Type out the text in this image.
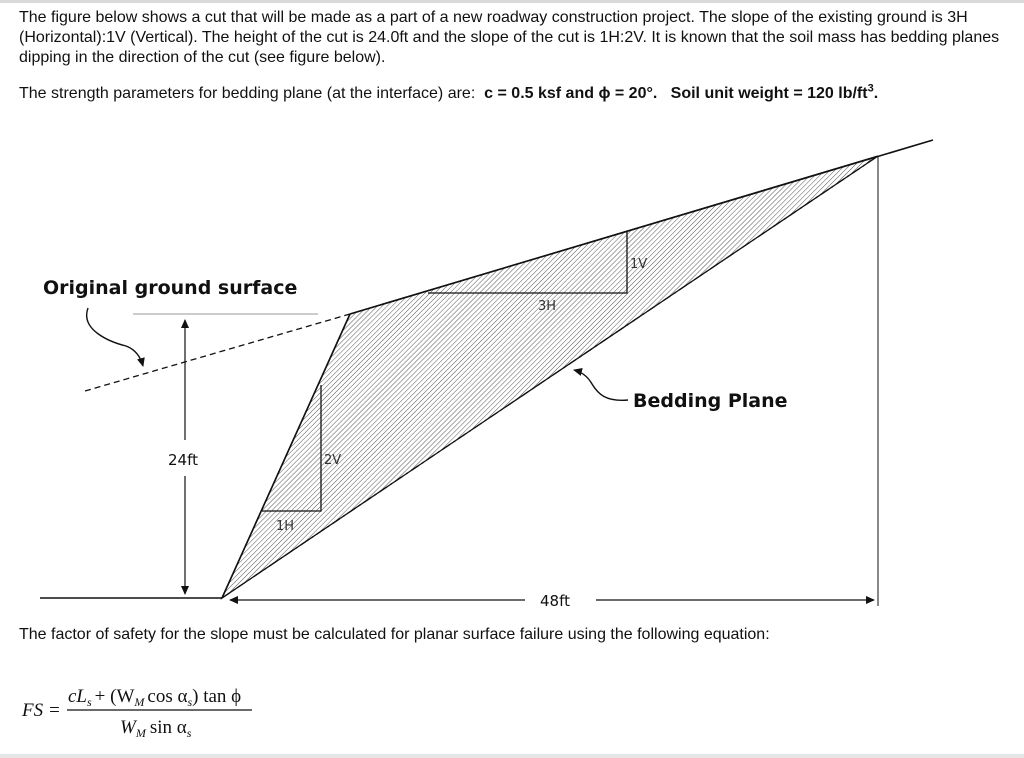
The figure below shows a cut that will be made as a part of a new roadway construction project. The slope of the existing ground is 3H (Horizontal):1V (Vertical). The height of the cut is 24.0ft and the slope of the cut is 1H:2V. It is known that the soil mass has bedding planes dipping in the direction of the cut (see figure below).

The strength parameters for bedding plane (at the interface) are: c = 0.5 ksf and ϕ = 20°. Soil unit weight = 120 $lb/ft^3$.

3H
1V
1H
2V
24ft
48ft
Original ground surface
Bedding Plane
FS =
$cL_s + (W_M$ $\cos \alpha_s$) tan ϕ
$W_M$ $\sin \alpha_s$

The factor of safety for the slope must be calculated for planar surface failure using the following equation:
